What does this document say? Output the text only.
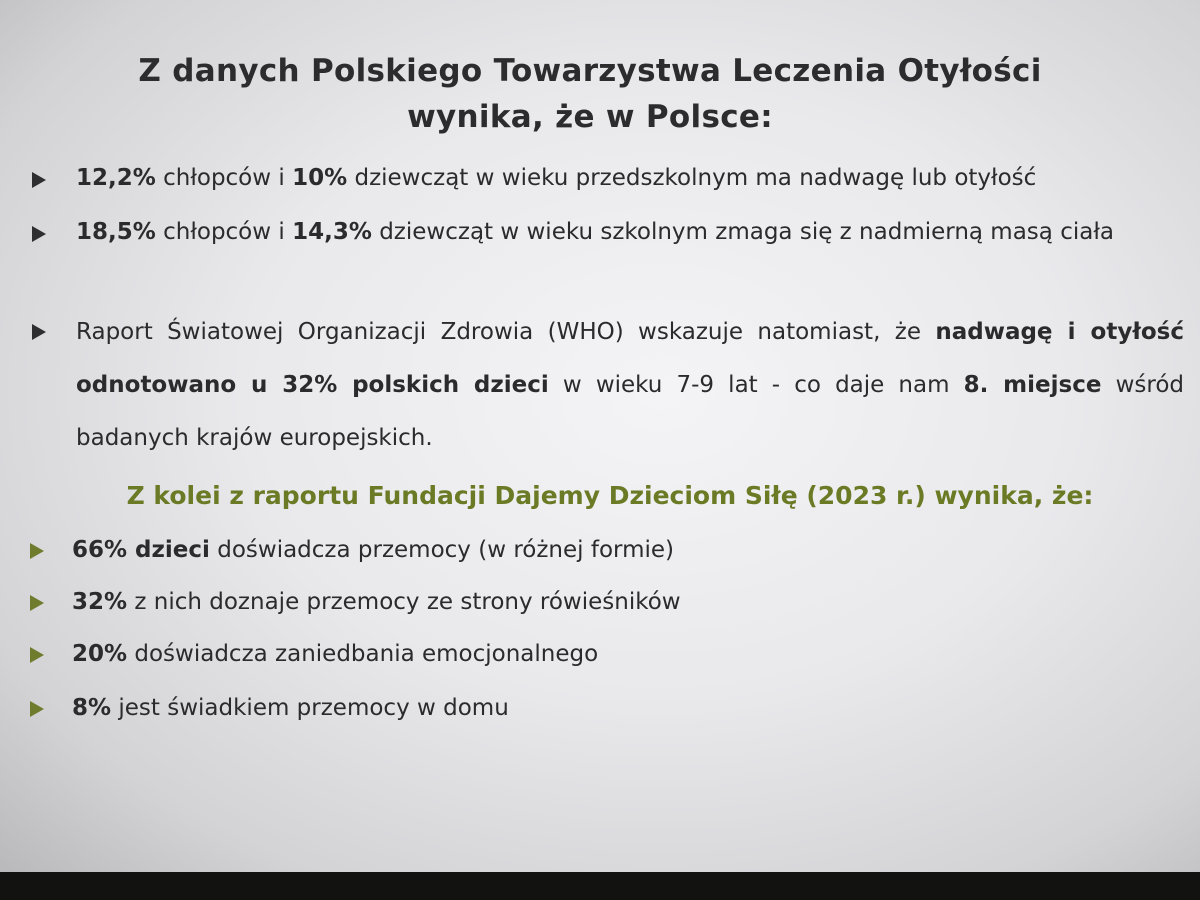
Z danych Polskiego Towarzystwa Leczenia Otyłości
wynika, że w Polsce:
12,2% chłopców i 10% dziewcząt w wieku przedszkolnym ma nadwagę lub otyłość
18,5% chłopców i 14,3% dziewcząt w wieku szkolnym zmaga się z nadmierną masą ciała
Raport Światowej Organizacji Zdrowia (WHO) wskazuje natomiast, że nadwagę i otyłość odnotowano u 32% polskich dzieci w wieku 7-9 lat - co daje nam 8. miejsce wśród badanych krajów europejskich.
Z kolei z raportu Fundacji Dajemy Dzieciom Siłę (2023 r.) wynika, że:
66% dzieci doświadcza przemocy (w różnej formie)
32% z nich doznaje przemocy ze strony rówieśników
20% doświadcza zaniedbania emocjonalnego
8% jest świadkiem przemocy w domu
